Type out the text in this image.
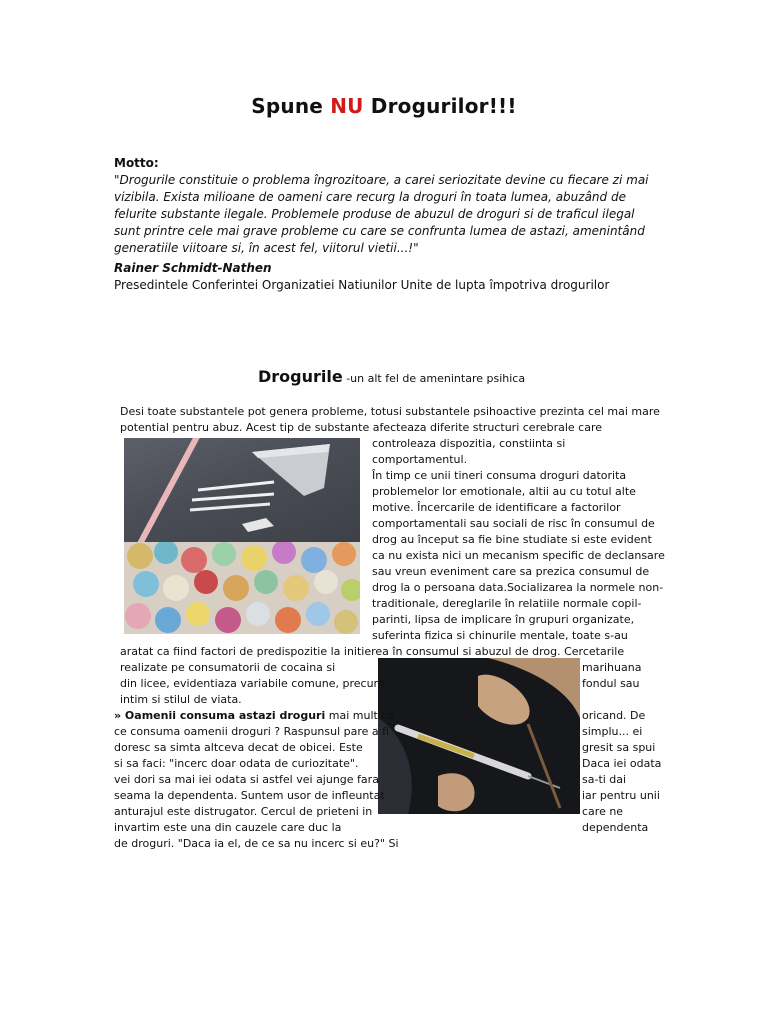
Spune NU Drogurilor!!!
Motto:
"Drogurile constituie o problema îngrozitoare, a carei seriozitate devine cu fiecare zi mai vizibila. Exista milioane de oameni care recurg la droguri în toata lumea, abuzând de felurite substante ilegale. Problemele produse de abuzul de droguri si de traficul ilegal sunt printre cele mai grave probleme cu care se confrunta lumea de astazi, amenintând generatiile viitoare si, în acest fel, viitorul vietii...!"
Rainer Schmidt-Nathen
Presedintele Conferintei Organizatiei Natiunilor Unite de lupta împotriva drogurilor
Drogurile -un alt fel de amenintare psihica
Desi toate substantele pot genera probleme, totusi substantele psihoactive prezinta cel mai mare
potential pentru abuz. Acest tip de substante afecteaza diferite structuri cerebrale care
controleaza dispozitia, constiinta si
comportamentul.
În timp ce unii tineri consuma droguri datorita
problemelor lor emotionale, altii au cu totul alte
motive. Încercarile de identificare a factorilor
comportamentali sau sociali de risc în consumul de
drog au început sa fie bine studiate si este evident
ca nu exista nici un mecanism specific de declansare
sau vreun eveniment care sa prezica consumul de
drog la o persoana data.Socializarea la normele non-
traditionale, dereglarile în relatiile normale copil-
parinti, lipsa de implicare în grupuri organizate,
suferinta fizica si chinurile mentale, toate s-au
aratat ca fiind factori de predispozitie la initierea în consumul si abuzul de drog. Cercetarile
realizate pe consumatorii de cocaina si	marihuana
din licee, evidentiaza variabile comune, precum	fondul sau
intim si stilul de viata.
» Oamenii consuma astazi droguri mai mult ca	oricand. De
ce consuma oamenii droguri ? Raspunsul pare a fi	simplu... ei
doresc sa simta altceva decat de obicei. Este	gresit sa spui
si sa faci: "incerc doar odata de curiozitate".	Daca iei odata
vei dori sa mai iei odata si astfel vei ajunge fara	sa-ti dai
seama la dependenta. Suntem usor de infleuntat	iar pentru unii
anturajul este distrugator. Cercul de prieteni in	care ne
invartim este una din cauzele care duc la	dependenta
de droguri. "Daca ia el, de ce sa nu incerc si eu?" Si
